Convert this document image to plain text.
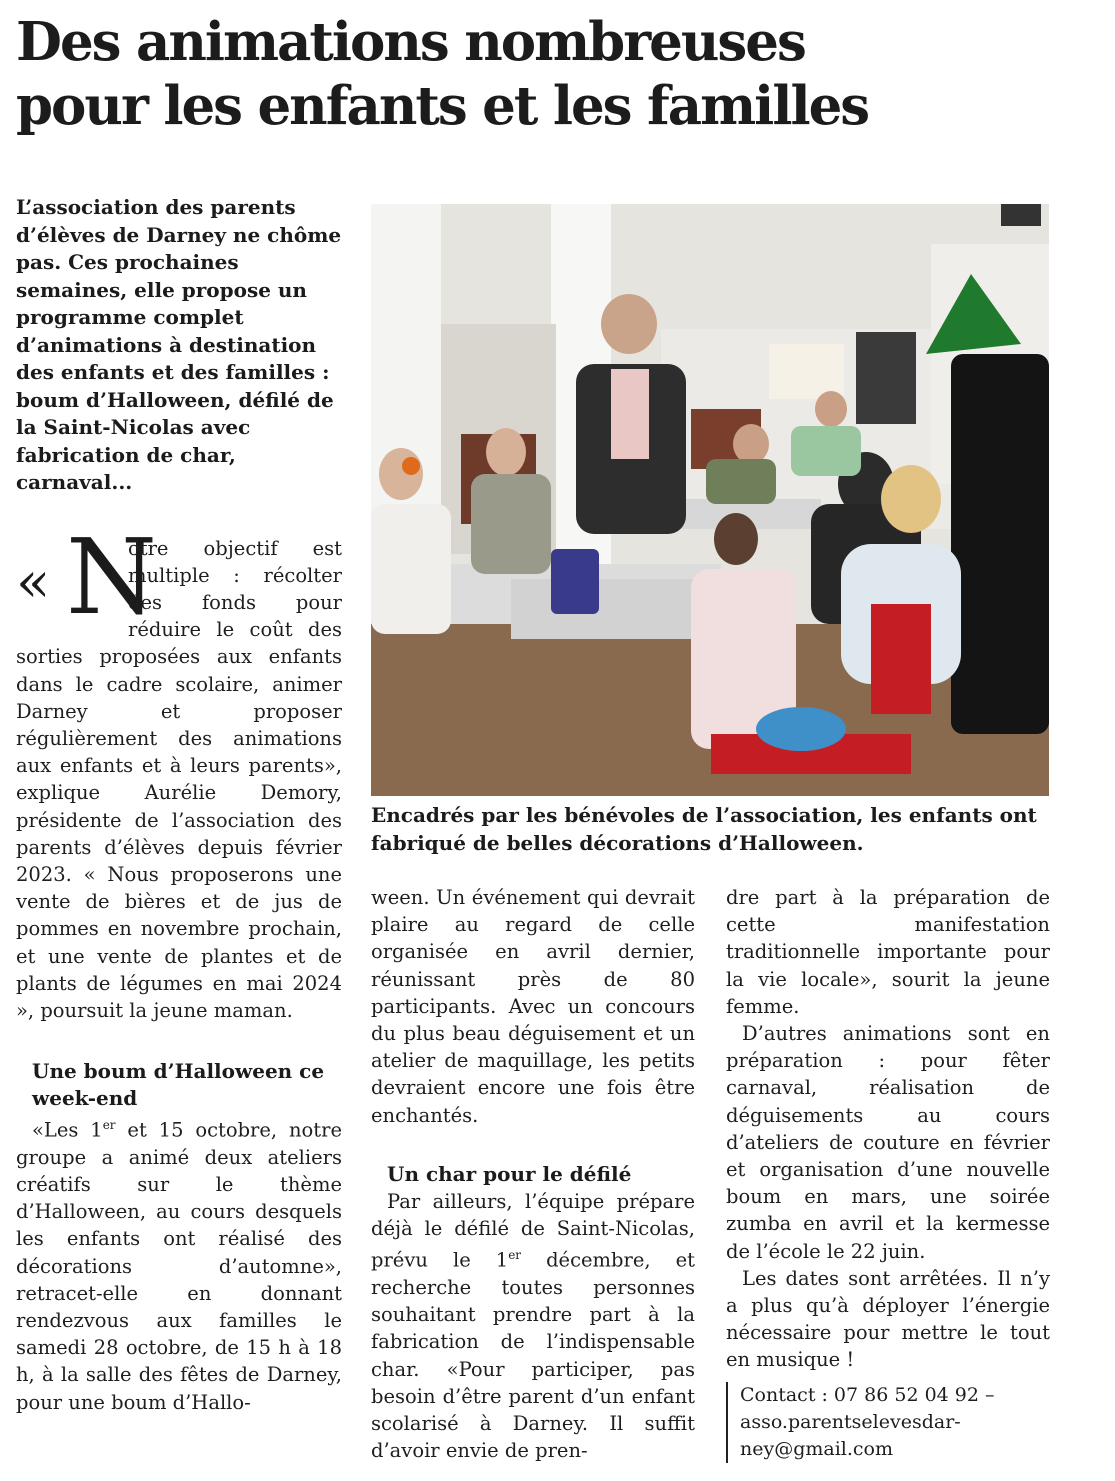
Des animations nombreuses
pour les enfants et les familles

L’association des parents d’élèves de Darney ne chôme pas. Ces prochaines semaines, elle propose un programme complet d’animations à destination des enfants et des familles : boum d’Halloween, défilé de la Saint-Nicolas avec fabrication de char, carnaval...

« N

otre objectif est multiple : récolter des fonds pour réduire le coût des sorties proposées aux enfants dans le cadre scolaire, animer Darney et proposer régulièrement des animations aux enfants et à leurs parents», explique Aurélie Demory, présidente de l’association des parents d’élèves depuis février 2023. « Nous proposerons une vente de bières et de jus de pommes en novembre prochain, et une vente de plantes et de plants de légumes en mai 2024 », poursuit la jeune maman.

Une boum d’Halloween ce week-end

«Les 1er et 15 octobre, notre groupe a animé deux ateliers créatifs sur le thème d’Halloween, au cours desquels les enfants ont réalisé des décorations d’automne», retracet-elle en donnant rendezvous aux familles le samedi 28 octobre, de 15 h à 18 h, à la salle des fêtes de Darney, pour une boum d’Hallo-

Encadrés par les bénévoles de l’association, les enfants ont fabriqué de belles décorations d’Halloween.

ween. Un événement qui devrait plaire au regard de celle organisée en avril dernier, réunissant près de 80 participants. Avec un concours du plus beau déguisement et un atelier de maquillage, les petits devraient encore une fois être enchantés.

Un char pour le défilé

Par ailleurs, l’équipe prépare déjà le défilé de Saint-Nicolas, prévu le 1er décembre, et recherche toutes personnes souhaitant prendre part à la fabrication de l’indispensable char. «Pour participer, pas besoin d’être parent d’un enfant scolarisé à Darney. Il suffit d’avoir envie de pren-

dre part à la préparation de cette manifestation traditionnelle importante pour la vie locale», sourit la jeune femme.

D’autres animations sont en préparation : pour fêter carnaval, réalisation de déguisements au cours d’ateliers de couture en février et organisation d’une nouvelle boum en mars, une soirée zumba en avril et la kermesse de l’école le 22 juin.

Les dates sont arrêtées. Il n’y a plus qu’à déployer l’énergie nécessaire pour mettre le tout en musique !

Contact : 07 86 52 04 92 –
asso.parentselevesdar-
ney@gmail.com
